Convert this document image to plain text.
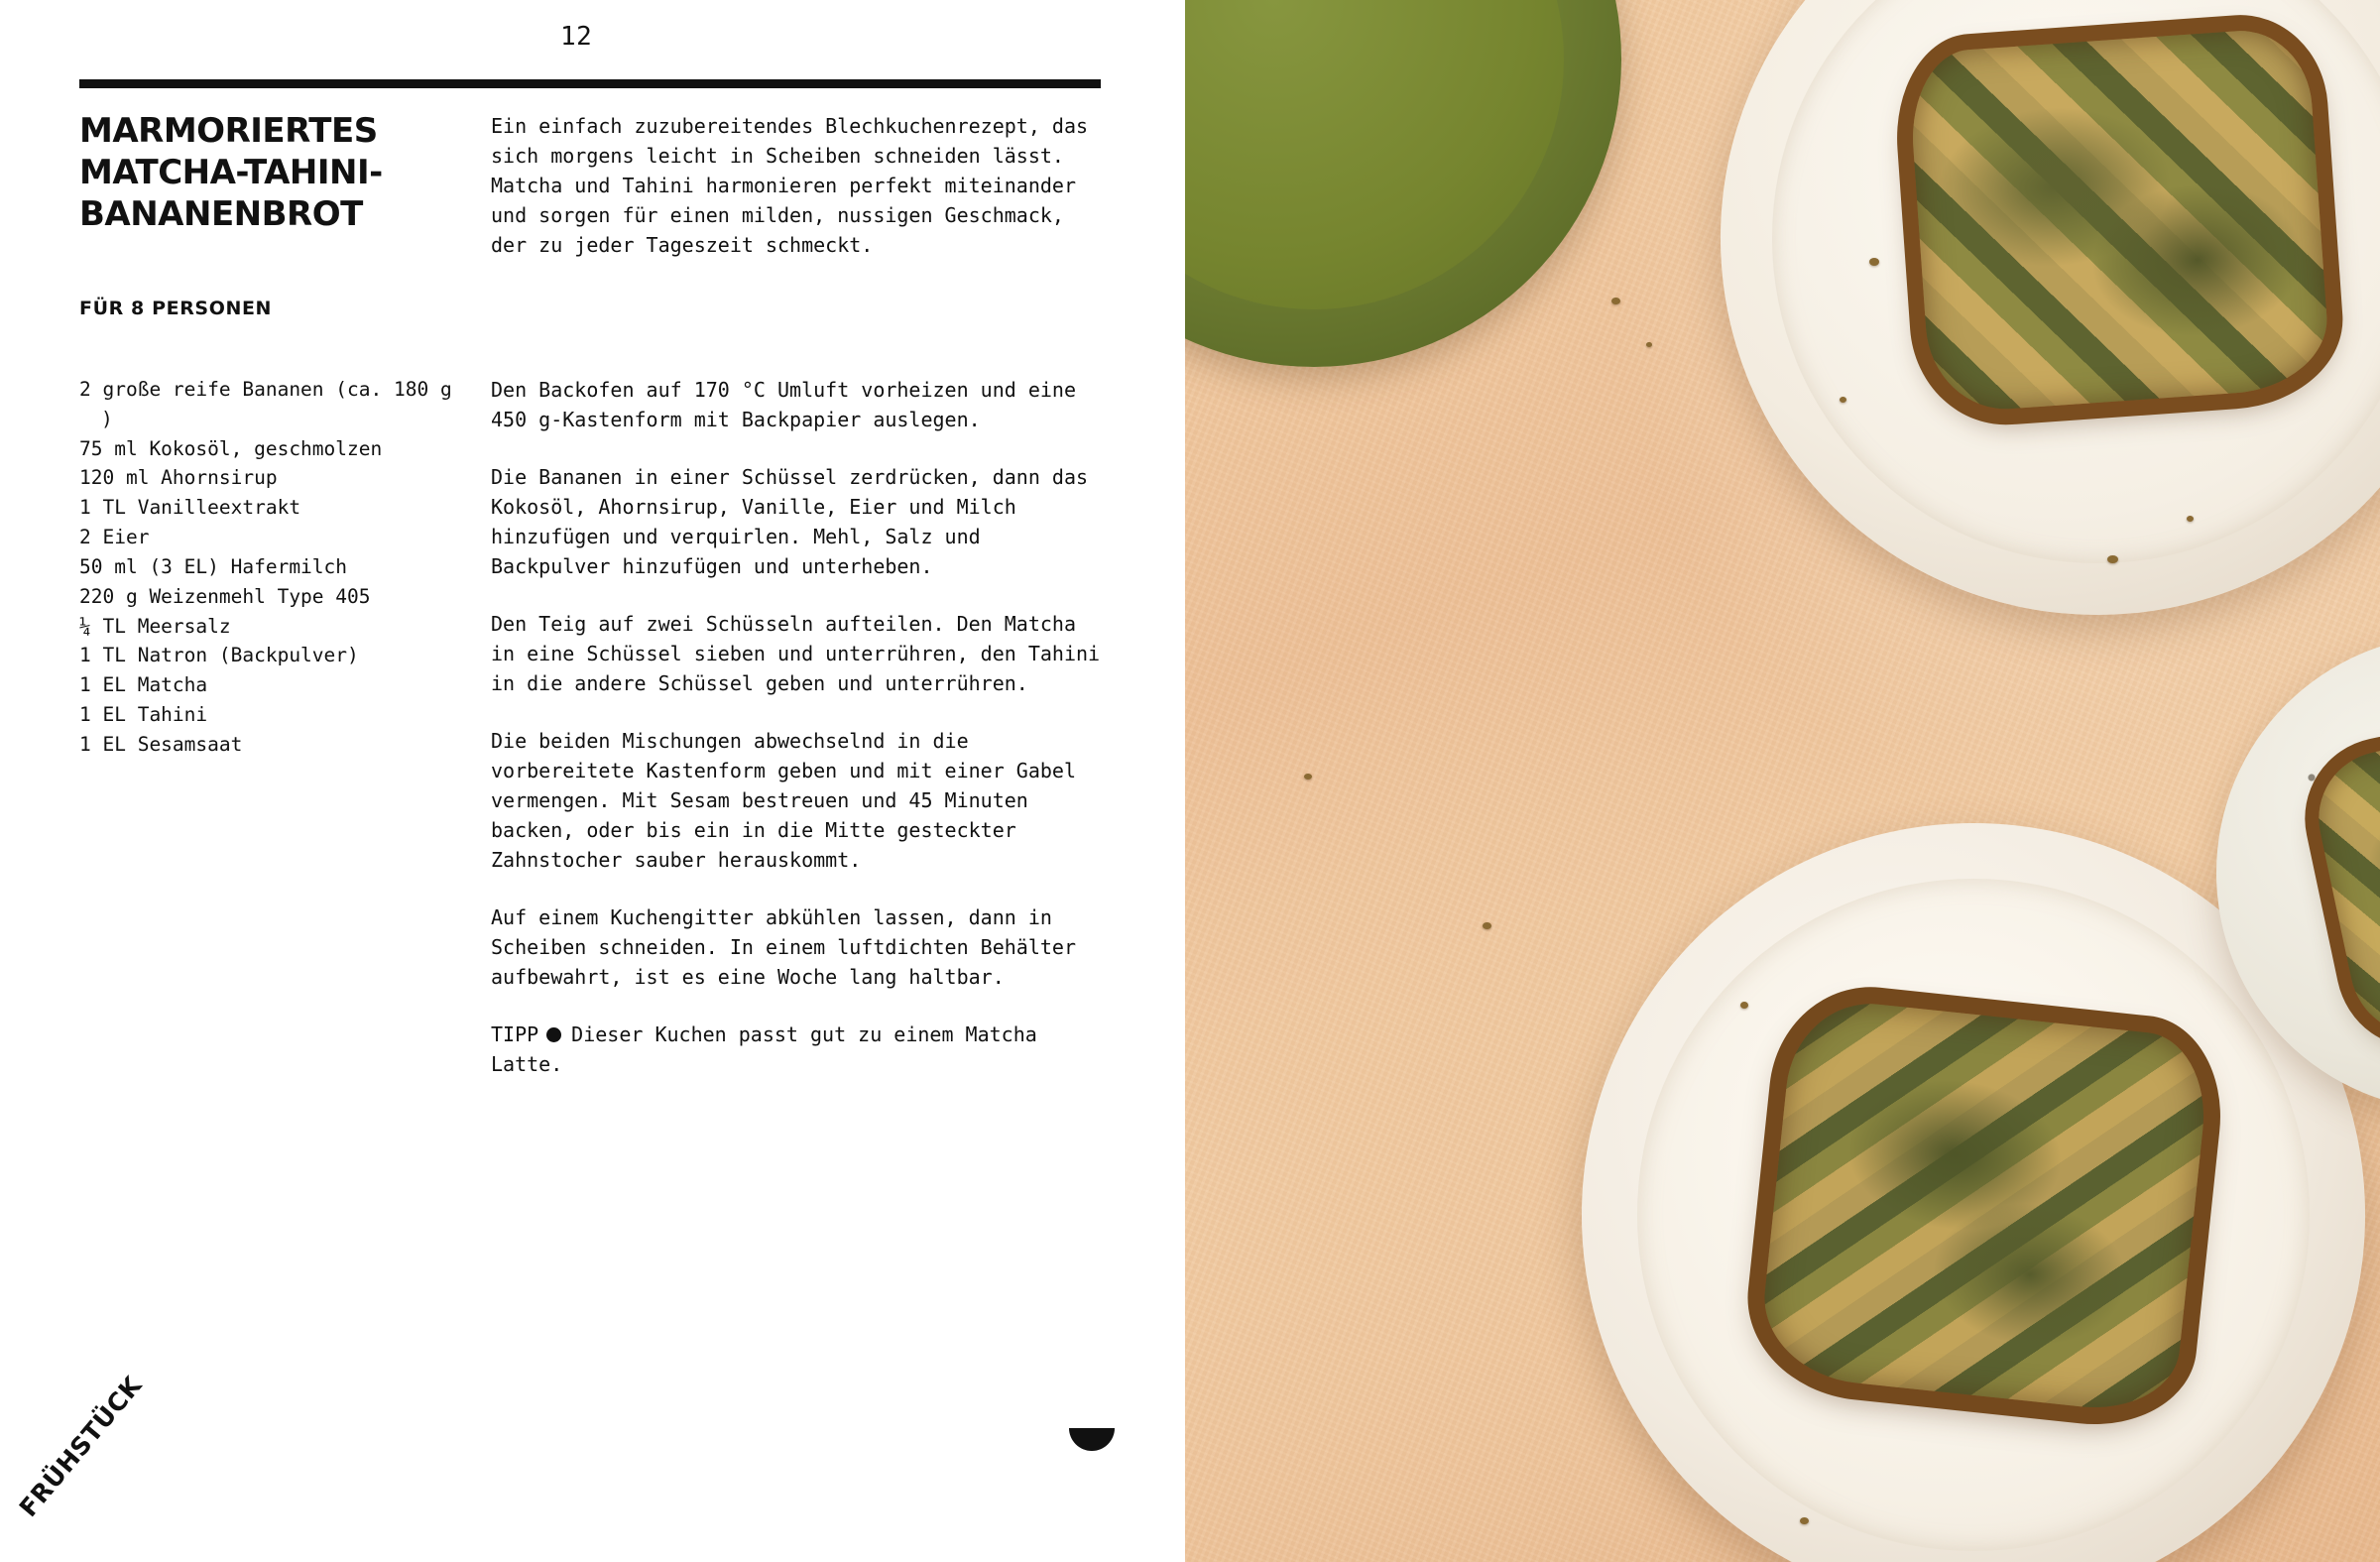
12
MARMORIERTES MATCHA-TAHINI-BANANENBROT
FÜR 8 PERSONEN
2 große reife Bananen (ca. 180 g )
75 ml Kokosöl, geschmolzen
120 ml Ahornsirup
1 TL Vanilleextrakt
2 Eier
50 ml (3 EL) Hafermilch
220 g Weizenmehl Type 405
¼ TL Meersalz
1 TL Natron (Backpulver)
1 EL Matcha
1 EL Tahini
1 EL Sesamsaat
Ein einfach zuzubereitendes Blechkuchenrezept, das sich morgens leicht in Scheiben schneiden lässt. Matcha und Tahini harmonieren perfekt miteinander und sorgen für einen milden, nussigen Geschmack, der zu jeder Tageszeit schmeckt.

Den Backofen auf 170 °C Umluft vorheizen und eine 450 g-Kastenform mit Backpapier auslegen.

Die Bananen in einer Schüssel zerdrücken, dann das Kokosöl, Ahornsirup, Vanille, Eier und Milch hinzufügen und verquirlen. Mehl, Salz und Backpulver hinzufügen und unterheben.

Den Teig auf zwei Schüsseln aufteilen. Den Matcha in eine Schüssel sieben und unterrühren, den Tahini in die andere Schüssel geben und unterrühren.

Die beiden Mischungen abwechselnd in die vorbereitete Kastenform geben und mit einer Gabel vermengen. Mit Sesam bestreuen und 45 Minuten backen, oder bis ein in die Mitte gesteckter Zahnstocher sauber herauskommt.

Auf einem Kuchengitter abkühlen lassen, dann in Scheiben schneiden. In einem luftdichten Behälter aufbewahrt, ist es eine Woche lang haltbar.

TIPP Dieser Kuchen passt gut zu einem Matcha Latte.

FRÜHSTÜCK
